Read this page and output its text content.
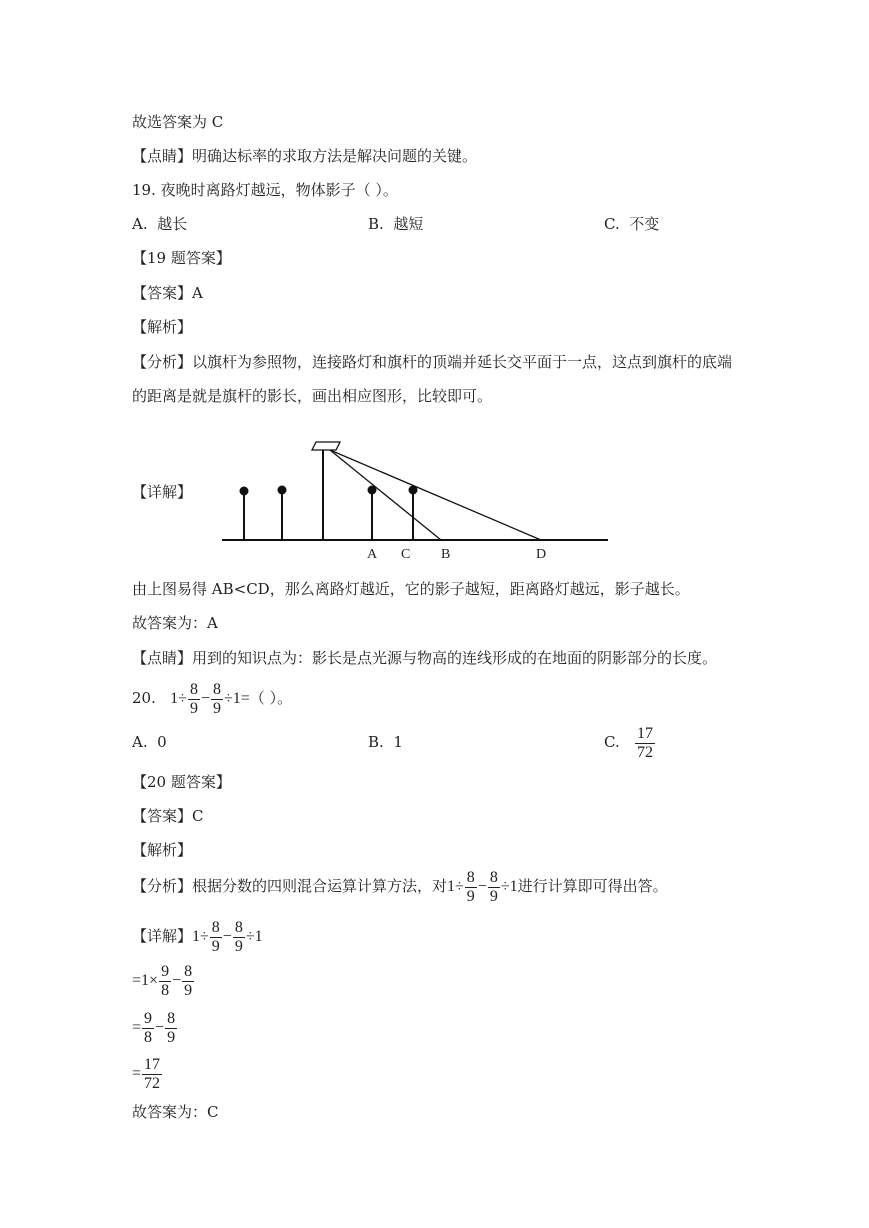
故选答案为 C
【点睛】明确达标率的求取方法是解决问题的关键。
19. 夜晚时离路灯越远，物体影子（ ）。
A. 越长	B. 越短	C. 不变
【19 题答案】
【答案】A
【解析】
【分析】以旗杆为参照物，连接路灯和旗杆的顶端并延长交平面于一点，这点到旗杆的底端
的距离是就是旗杆的影长，画出相应图形，比较即可。
【详解】
A C B	D
由上图易得 AB<CD，那么离路灯越近，它的影子越短，距离路灯越远，影子越长。
故答案为：A
【点睛】用到的知识点为：影长是点光源与物高的连线形成的在地面的阴影部分的长度。
20. $1\div \frac{8}{9} - \frac{8}{9} \div 1=$（ ）。
A. 0	B. 1	C. $\frac{17}{72}$
【20 题答案】
【答案】C
【解析】
【分析】根据分数的四则混合运算计算方法，对$1\div \frac{8}{9} - \frac{8}{9} \div 1$进行计算即可得出答。
【详解】$1\div \frac{8}{9} - \frac{8}{9} \div 1$
$=1\times \frac{9}{8} - \frac{8}{9}$
= $\frac{9}{8} - \frac{8}{9}$
= $\frac{17}{72}$
故答案为：C
